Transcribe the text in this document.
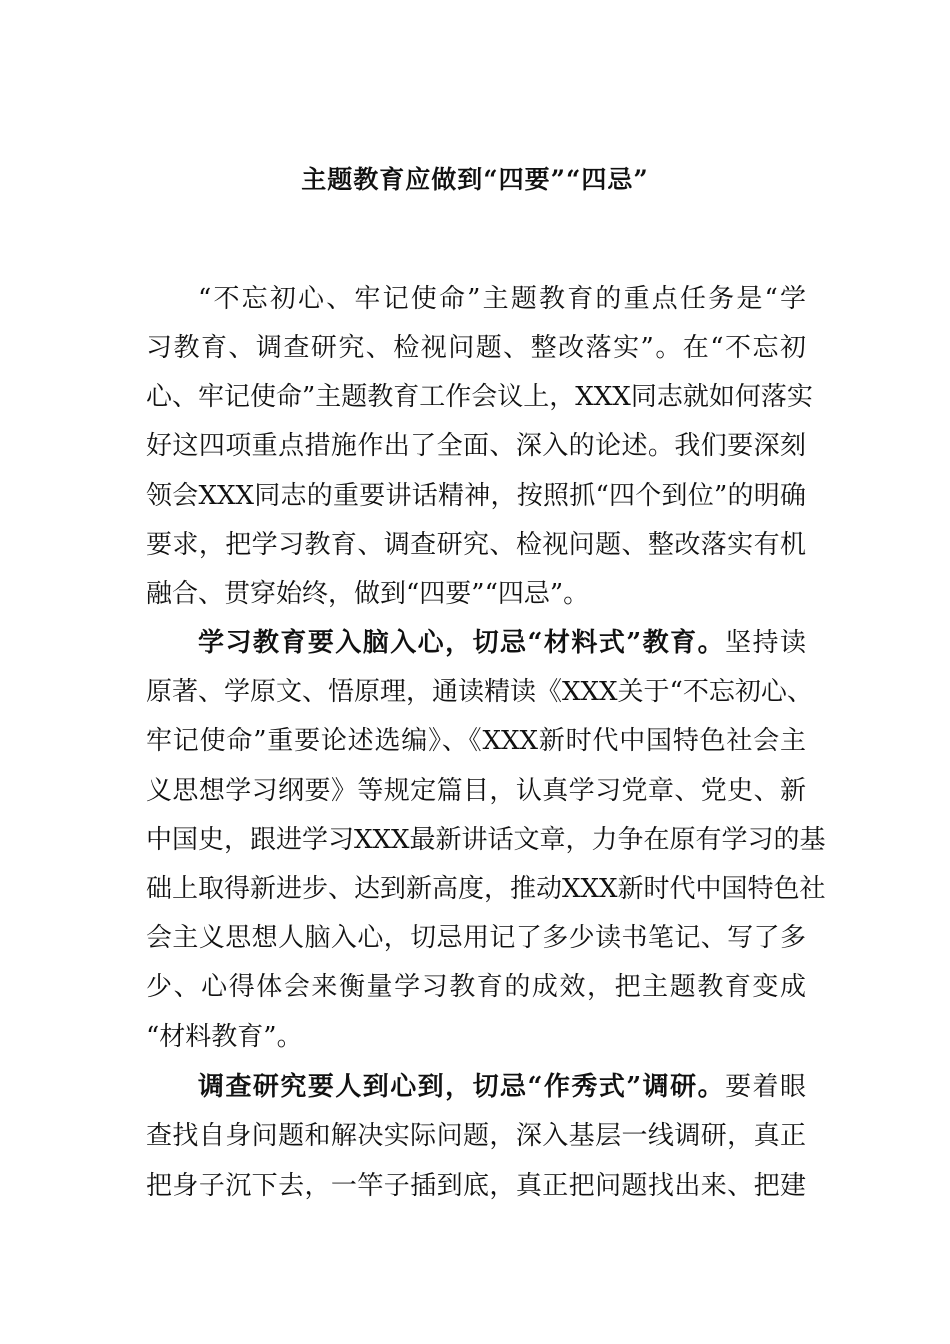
主题教育应做到“四要”“四忌”
“不忘初心、牢记使命”主题教育的重点任务是“学
习教育、调查研究、检视问题、整改落实”。在“不忘初
心、牢记使命”主题教育工作会议上，XXX同志就如何落实
好这四项重点措施作出了全面、深入的论述。我们要深刻
领会XXX同志的重要讲话精神，按照抓“四个到位”的明确
要求，把学习教育、调查研究、检视问题、整改落实有机
融合、贯穿始终，做到“四要”“四忌”。
学习教育要入脑入心，切忌“材料式”教育。坚持读
原著、学原文、悟原理，通读精读《XXX关于“不忘初心、
牢记使命”重要论述选编》、《XXX新时代中国特色社会主
义思想学习纲要》等规定篇目，认真学习党章、党史、新
中国史，跟进学习XXX最新讲话文章，力争在原有学习的基
础上取得新进步、达到新高度，推动XXX新时代中国特色社
会主义思想人脑入心，切忌用记了多少读书笔记、写了多
少、心得体会来衡量学习教育的成效，把主题教育变成
“材料教育”。
调查研究要人到心到，切忌“作秀式”调研。要着眼
查找自身问题和解决实际问题，深入基层一线调研，真正
把身子沉下去，一竿子插到底，真正把问题找出来、把建
